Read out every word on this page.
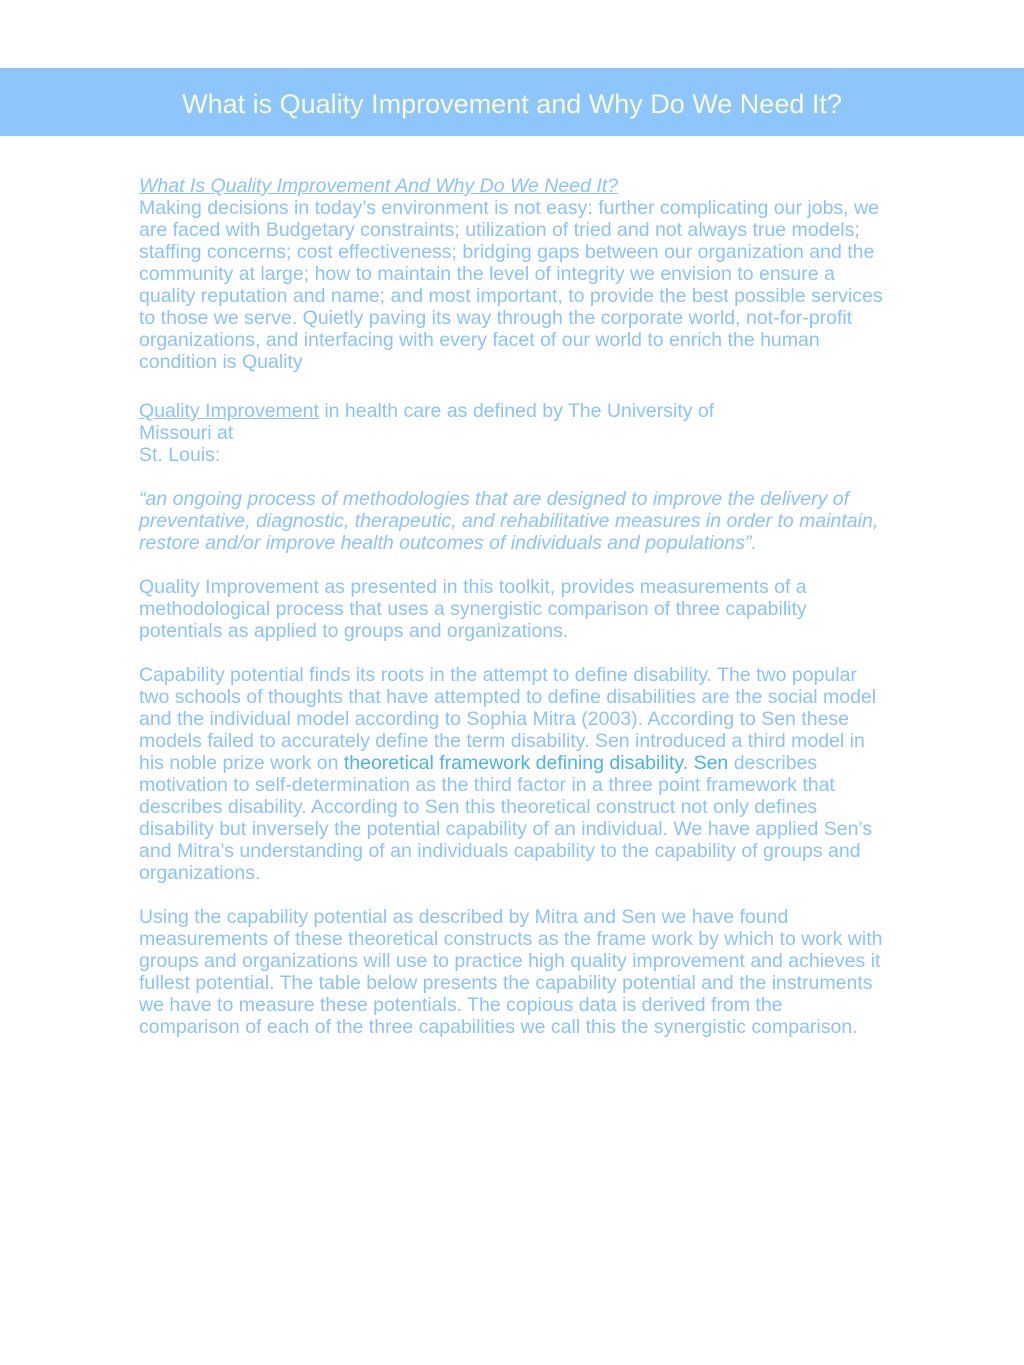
What is Quality Improvement and Why Do We Need It?

What Is Quality Improvement And Why Do We Need It?

Making decisions in today’s environment is not easy: further complicating our jobs, we are faced with Budgetary constraints; utilization of tried and not always true models; staffing concerns; cost effectiveness; bridging gaps between our organization and the community at large; how to maintain the level of integrity we envision to ensure a quality reputation and name; and most important, to provide the best possible services to those we serve. Quietly paving its way through the corporate world, not-for-profit organizations, and interfacing with every facet of our world to enrich the human condition is Quality

Quality Improvement in health care as defined by The University of

Missouri at

St. Louis:

“an ongoing process of methodologies that are designed to improve the delivery of preventative, diagnostic, therapeutic, and rehabilitative measures in order to maintain, restore and/or improve health outcomes of individuals and populations”.

Quality Improvement as presented in this toolkit, provides measurements of a methodological process that uses a synergistic comparison of three capability potentials as applied to groups and organizations.

Capability potential finds its roots in the attempt to define disability. The two popular two schools of thoughts that have attempted to define disabilities are the social model and the individual model according to Sophia Mitra (2003). According to Sen these models failed to accurately define the term disability. Sen introduced a third model in his noble prize work on theoretical framework defining disability. Sen describes motivation to self-determination as the third factor in a three point framework that describes disability. According to Sen this theoretical construct not only defines disability but inversely the potential capability of an individual. We have applied Sen’s and Mitra’s understanding of an individuals capability to the capability of groups and organizations.

Using the capability potential as described by Mitra and Sen we have found measurements of these theoretical constructs as the frame work by which to work with groups and organizations will use to practice high quality improvement and achieves it fullest potential. The table below presents the capability potential and the instruments we have to measure these potentials. The copious data is derived from the comparison of each of the three capabilities we call this the synergistic comparison.
